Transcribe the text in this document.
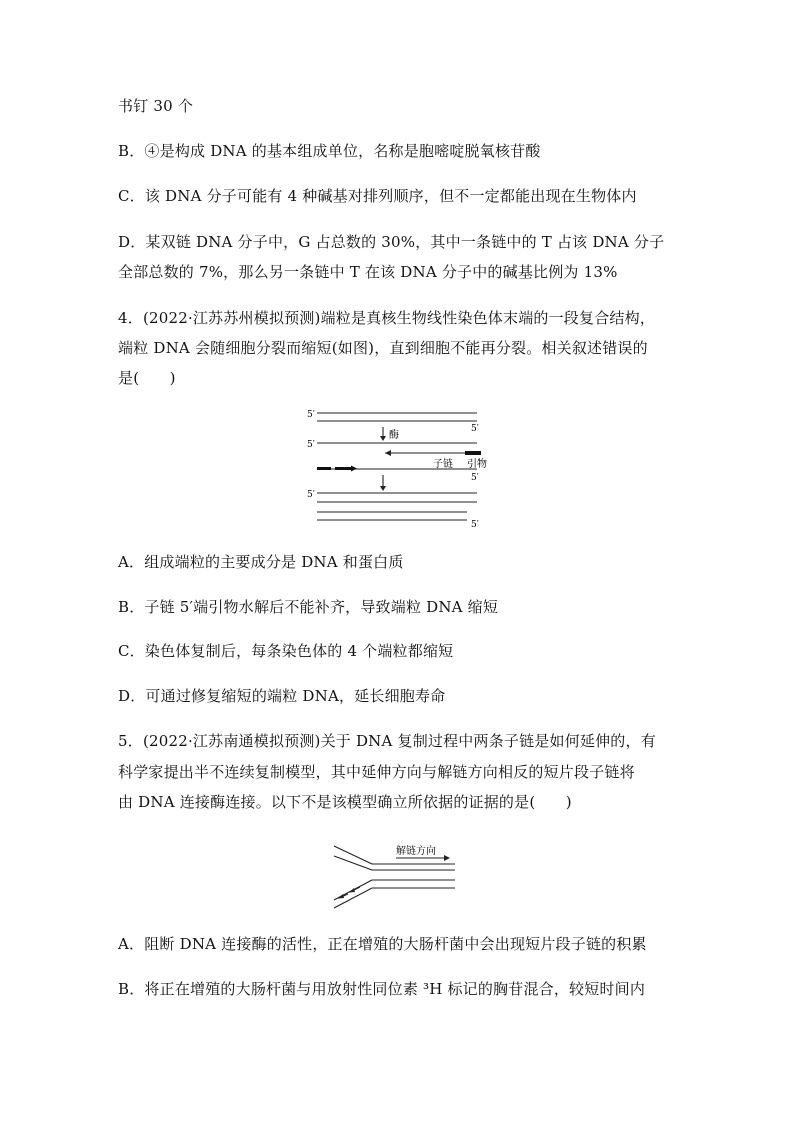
书钉 30 个
B．④是构成 DNA 的基本组成单位，名称是胞嘧啶脱氧核苷酸
C．该 DNA 分子可能有 4 种碱基对排列顺序，但不一定都能出现在生物体内
D．某双链 DNA 分子中，G 占总数的 30%，其中一条链中的 T 占该 DNA 分子
全部总数的 7%，那么另一条链中 T 在该 DNA 分子中的碱基比例为 13%
4．(2022·江苏苏州模拟预测)端粒是真核生物线性染色体末端的一段复合结构，
端粒 DNA 会随细胞分裂而缩短(如图)，直到细胞不能再分裂。相关叙述错误的
是(　　)
5′
5′
5′
酶
子链 引物
5′
5′
5′
A．组成端粒的主要成分是 DNA 和蛋白质
B．子链 5′端引物水解后不能补齐，导致端粒 DNA 缩短
C．染色体复制后，每条染色体的 4 个端粒都缩短
D．可通过修复缩短的端粒 DNA，延长细胞寿命
5．(2022·江苏南通模拟预测)关于 DNA 复制过程中两条子链是如何延伸的，有
科学家提出半不连续复制模型，其中延伸方向与解链方向相反的短片段子链将
由 DNA 连接酶连接。以下不是该模型确立所依据的证据的是(　　)
解链方向
A．阻断 DNA 连接酶的活性，正在增殖的大肠杆菌中会出现短片段子链的积累
B．将正在增殖的大肠杆菌与用放射性同位素 ³H 标记的胸苷混合，较短时间内
